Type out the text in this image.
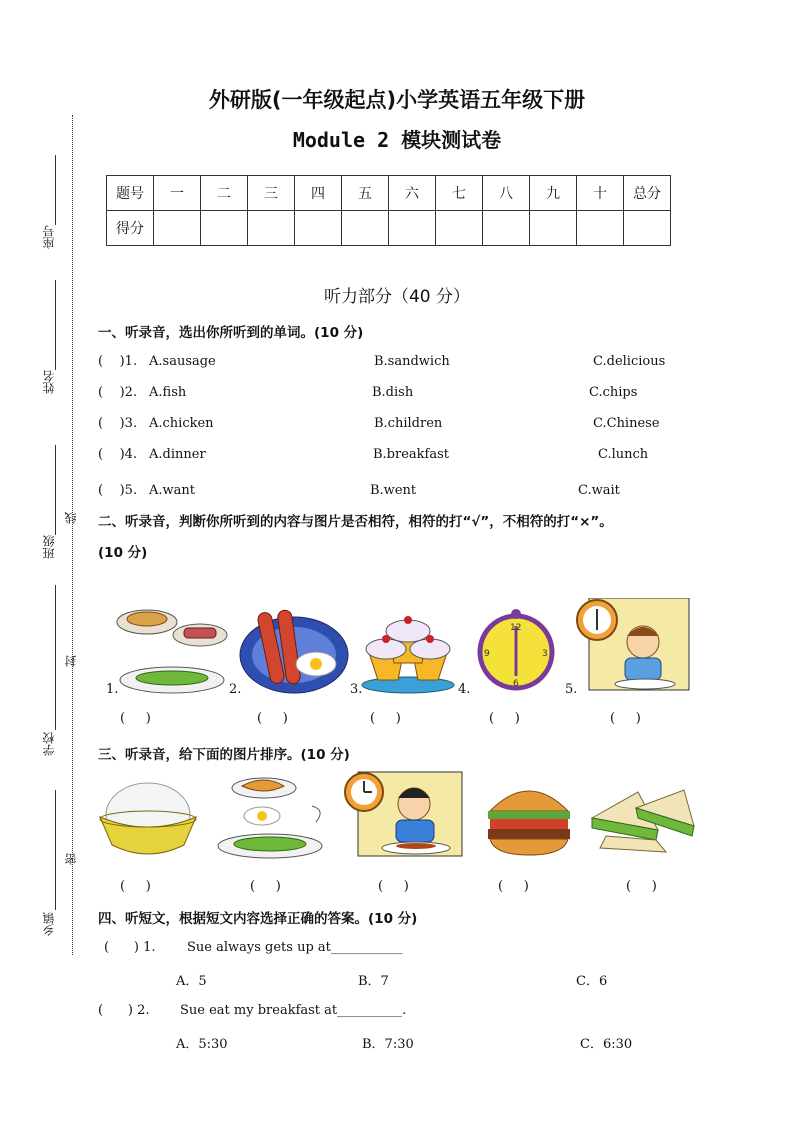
座号
姓名
班级
学校
乡镇
线
封
密
外研版(一年级起点)小学英语五年级下册
Module 2 模块测试卷
题号	一	二	三	四	五	六	七	八	九	十	总分
得分											
听力部分（40 分）
一、听录音，选出你所听到的单词。(10 分)
(    )1. A.sausage	B.sandwich	C.delicious
(    )2. A.fish	B.dish	C.chips
(    )3. A.chicken	B.children	C.Chinese
(    )4. A.dinner	B.breakfast	C.lunch
(    )5. A.want	B.went	C.wait
二、听录音，判断你所听到的内容与图片是否相符，相符的打“√”，不相符的打“×”。
(10 分)
1.	2.	3.
12
9	3
6
4.	5.
(     )	(     )	(     )	(     )	(     )
三、听录音，给下面的图片排序。(10 分)
(     )	(     )	(     )	(     )	(     )
四、听短文，根据短文内容选择正确的答案。(10 分)
(      ) 1. Sue always gets up at___________
A．5	B．7	C．6
(      ) 2. Sue eat my breakfast at__________.
A．5:30	B．7:30	C．6:30
